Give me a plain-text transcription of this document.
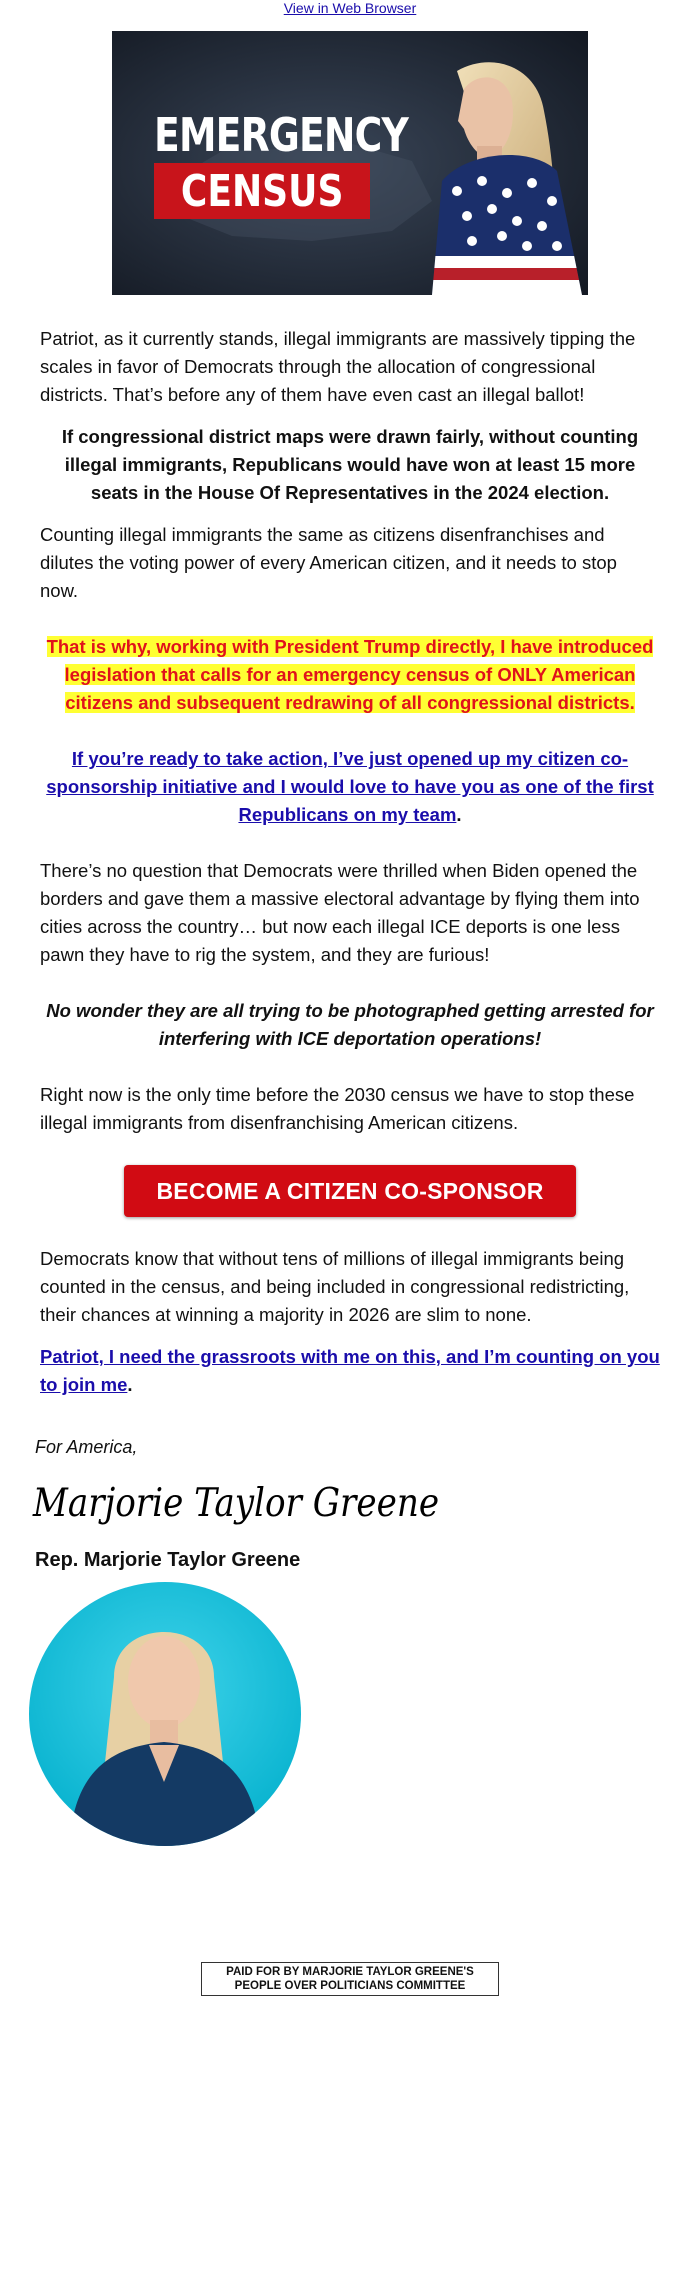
View in Web Browser
EMERGENCY
CENSUS

Patriot, as it currently stands, illegal immigrants are massively tipping the scales in favor of Democrats through the allocation of congressional districts. That’s before any of them have even cast an illegal ballot!

If congressional district maps were drawn fairly, without counting illegal immigrants, Republicans would have won at least 15 more seats in the House Of Representatives in the 2024 election.

Counting illegal immigrants the same as citizens disenfranchises and dilutes the voting power of every American citizen, and it needs to stop now.

That is why, working with President Trump directly, I have introduced legislation that calls for an emergency census of ONLY American citizens and subsequent redrawing of all congressional districts.

If you’re ready to take action, I’ve just opened up my citizen co-sponsorship initiative and I would love to have you as one of the first Republicans on my team.

There’s no question that Democrats were thrilled when Biden opened the borders and gave them a massive electoral advantage by flying them into cities across the country… but now each illegal ICE deports is one less pawn they have to rig the system, and they are furious!

No wonder they are all trying to be photographed getting arrested for interfering with ICE deportation operations!

Right now is the only time before the 2030 census we have to stop these illegal immigrants from disenfranchising American citizens.

BECOME A CITIZEN CO-SPONSOR

Democrats know that without tens of millions of illegal immigrants being counted in the census, and being included in congressional redistricting, their chances at winning a majority in 2026 are slim to none.

Patriot, I need the grassroots with me on this, and I’m counting on you to join me.

For America,
Marjorie Taylor Greene
Rep. Marjorie Taylor Greene
PAID FOR BY MARJORIE TAYLOR GREENE'S
PEOPLE OVER POLITICIANS COMMITTEE
